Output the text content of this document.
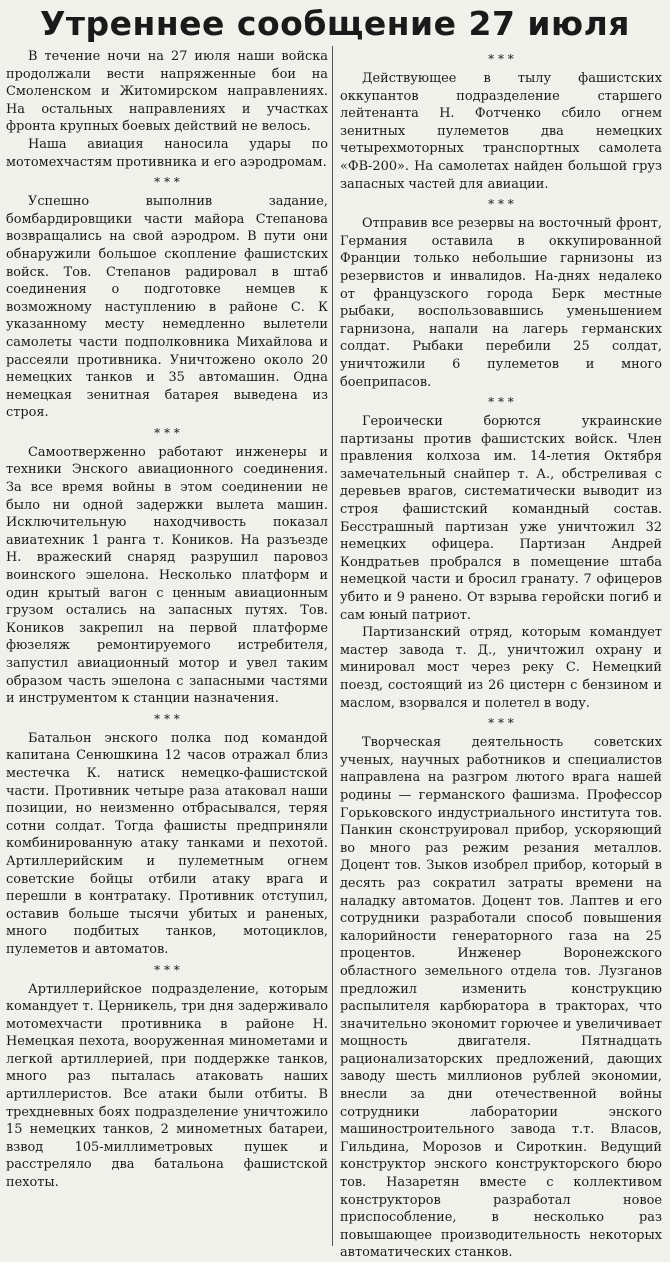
Утреннее сообщение 27 июля

В течение ночи на 27 июля наши войска продолжали вести напряженные бои на Смоленском и Житомирском направлениях. На остальных направлениях и участках фронта крупных боевых действий не велось.

Наша авиация наносила удары по мотомехчастям противника и его аэродромам.

* * *

Успешно выполнив задание, бомбардировщики части майора Степанова возвращались на свой аэродром. В пути они обнаружили большое скопление фашистских войск. Тов. Степанов радировал в штаб соединения о подготовке немцев к возможному наступлению в районе С. К указанному месту немедленно вылетели самолеты части подполковника Михайлова и рассеяли противника. Уничтожено около 20 немецких танков и 35 автомашин. Одна немецкая зенитная батарея выведена из строя.

* * *

Самоотверженно работают инженеры и техники Энского авиационного соединения. За все время войны в этом соединении не было ни одной задержки вылета машин. Исключительную находчивость показал авиатехник 1 ранга т. Коников. На разъезде Н. вражеский снаряд разрушил паровоз воинского эшелона. Несколько платформ и один крытый вагон с ценным авиационным грузом остались на запасных путях. Тов. Коников закрепил на первой платформе фюзеляж ремонтируемого истребителя, запустил авиационный мотор и увел таким образом часть эшелона с запасными частями и инструментом к станции назначения.

* * *

Батальон энского полка под командой капитана Сенюшкина 12 часов отражал близ местечка К. натиск немецко-фашистской части. Противник четыре раза атаковал наши позиции, но неизменно отбрасывался, теряя сотни солдат. Тогда фашисты предприняли комбинированную атаку танками и пехотой. Артиллерийским и пулеметным огнем советские бойцы отбили атаку врага и перешли в контратаку. Противник отступил, оставив больше тысячи убитых и раненых, много подбитых танков, мотоциклов, пулеметов и автоматов.

* * *

Артиллерийское подразделение, которым командует т. Церникель, три дня задерживало мотомехчасти противника в районе Н. Немецкая пехота, вооруженная минометами и легкой артиллерией, при поддержке танков, много раз пыталась атаковать наших артиллеристов. Все атаки были отбиты. В трехдневных боях подразделение уничтожило 15 немецких танков, 2 минометных батареи, взвод 105-миллиметровых пушек и расстреляло два батальона фашистской пехоты.

* * *

Действующее в тылу фашистских оккупантов подразделение старшего лейтенанта Н. Фотченко сбило огнем зенитных пулеметов два немецких четырехмоторных транспортных самолета «ФВ-200». На самолетах найден большой груз запасных частей для авиации.

* * *

Отправив все резервы на восточный фронт, Германия оставила в оккупированной Франции только небольшие гарнизоны из резервистов и инвалидов. На-днях недалеко от французского города Берк местные рыбаки, воспользовавшись уменьшением гарнизона, напали на лагерь германских солдат. Рыбаки перебили 25 солдат, уничтожили 6 пулеметов и много боеприпасов.

* * *

Героически борются украинские партизаны против фашистских войск. Член правления колхоза им. 14-летия Октября замечательный снайпер т. А., обстреливая с деревьев врагов, систематически выводит из строя фашистский командный состав. Бесстрашный партизан уже уничтожил 32 немецких офицера. Партизан Андрей Кондратьев пробрался в помещение штаба немецкой части и бросил гранату. 7 офицеров убито и 9 ранено. От взрыва геройски погиб и сам юный патриот.

Партизанский отряд, которым командует мастер завода т. Д., уничтожил охрану и минировал мост через реку С. Немецкий поезд, состоящий из 26 цистерн с бензином и маслом, взорвался и полетел в воду.

* * *

Творческая деятельность советских ученых, научных работников и специалистов направлена на разгром лютого врага нашей родины — германского фашизма. Профессор Горьковского индустриального института тов. Панкин сконструировал прибор, ускоряющий во много раз режим резания металлов. Доцент тов. Зыков изобрел прибор, который в десять раз сократил затраты времени на наладку автоматов. Доцент тов. Лаптев и его сотрудники разработали способ повышения калорийности генераторного газа на 25 процентов. Инженер Воронежского областного земельного отдела тов. Лузганов предложил изменить конструкцию распылителя карбюратора в тракторах, что значительно экономит горючее и увеличивает мощность двигателя. Пятнадцать рационализаторских предложений, дающих заводу шесть миллионов рублей экономии, внесли за дни отечественной войны сотрудники лаборатории энского машиностроительного завода т.т. Власов, Гильдина, Морозов и Сироткин. Ведущий конструктор энского конструкторского бюро тов. Назаретян вместе с коллективом конструкторов разработал новое приспособление, в несколько раз повышающее производительность некоторых автоматических станков.
